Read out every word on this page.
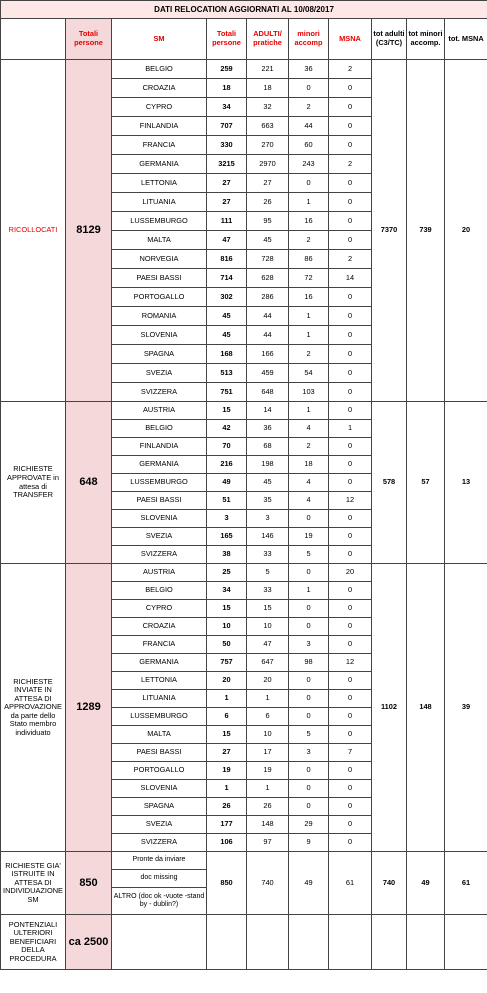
DATI RELOCATION AGGIORNATI AL 10/08/2017									
	Totali persone	SM	Totali persone	ADULTI/ pratiche	minori accomp	MSNA	tot adulti (C3/TC)	tot minori accomp.	tot. MSNA
RICOLLOCATI	8129	BELGIO	259	221	36	2	7370	739	20
		CROAZIA	18	18	0	0			
		CYPRO	34	32	2	0			
		FINLANDIA	707	663	44	0			
		FRANCIA	330	270	60	0			
		GERMANIA	3215	2970	243	2			
		LETTONIA	27	27	0	0			
		LITUANIA	27	26	1	0			
		LUSSEMBURGO	111	95	16	0			
		MALTA	47	45	2	0			
		NORVEGIA	816	728	86	2			
		PAESI BASSI	714	628	72	14			
		PORTOGALLO	302	286	16	0			
		ROMANIA	45	44	1	0			
		SLOVENIA	45	44	1	0			
		SPAGNA	168	166	2	0			
		SVEZIA	513	459	54	0			
		SVIZZERA	751	648	103	0			
RICHIESTE APPROVATE in attesa di TRANSFER	648	AUSTRIA	15	14	1	0	578	57	13
		BELGIO	42	36	4	1			
		FINLANDIA	70	68	2	0			
		GERMANIA	216	198	18	0			
		LUSSEMBURGO	49	45	4	0			
		PAESI BASSI	51	35	4	12			
		SLOVENIA	3	3	0	0			
		SVEZIA	165	146	19	0			
		SVIZZERA	38	33	5	0			
RICHIESTE INVIATE IN ATTESA DI APPROVAZIONE da parte dello Stato membro individuato	1289	AUSTRIA	25	5	0	20	1102	148	39
		BELGIO	34	33	1	0			
		CYPRO	15	15	0	0			
		CROAZIA	10	10	0	0			
		FRANCIA	50	47	3	0			
		GERMANIA	757	647	98	12			
		LETTONIA	20	20	0	0			
		LITUANIA	1	1	0	0			
		LUSSEMBURGO	6	6	0	0			
		MALTA	15	10	5	0			
		PAESI BASSI	27	17	3	7			
		PORTOGALLO	19	19	0	0			
		SLOVENIA	1	1	0	0			
		SPAGNA	26	26	0	0			
		SVEZIA	177	148	29	0			
		SVIZZERA	106	97	9	0			
RICHIESTE GIA' ISTRUITE IN ATTESA DI INDIVIDUAZIONE SM	850	Pronte da inviare	850	740	49	61	740	49	61
		doc missing							
		ALTRO (doc ok -vuote -stand by - dublin?)							
PONTENZIALI ULTERIORI BENEFICIARI DELLA PROCEDURA	ca 2500								
